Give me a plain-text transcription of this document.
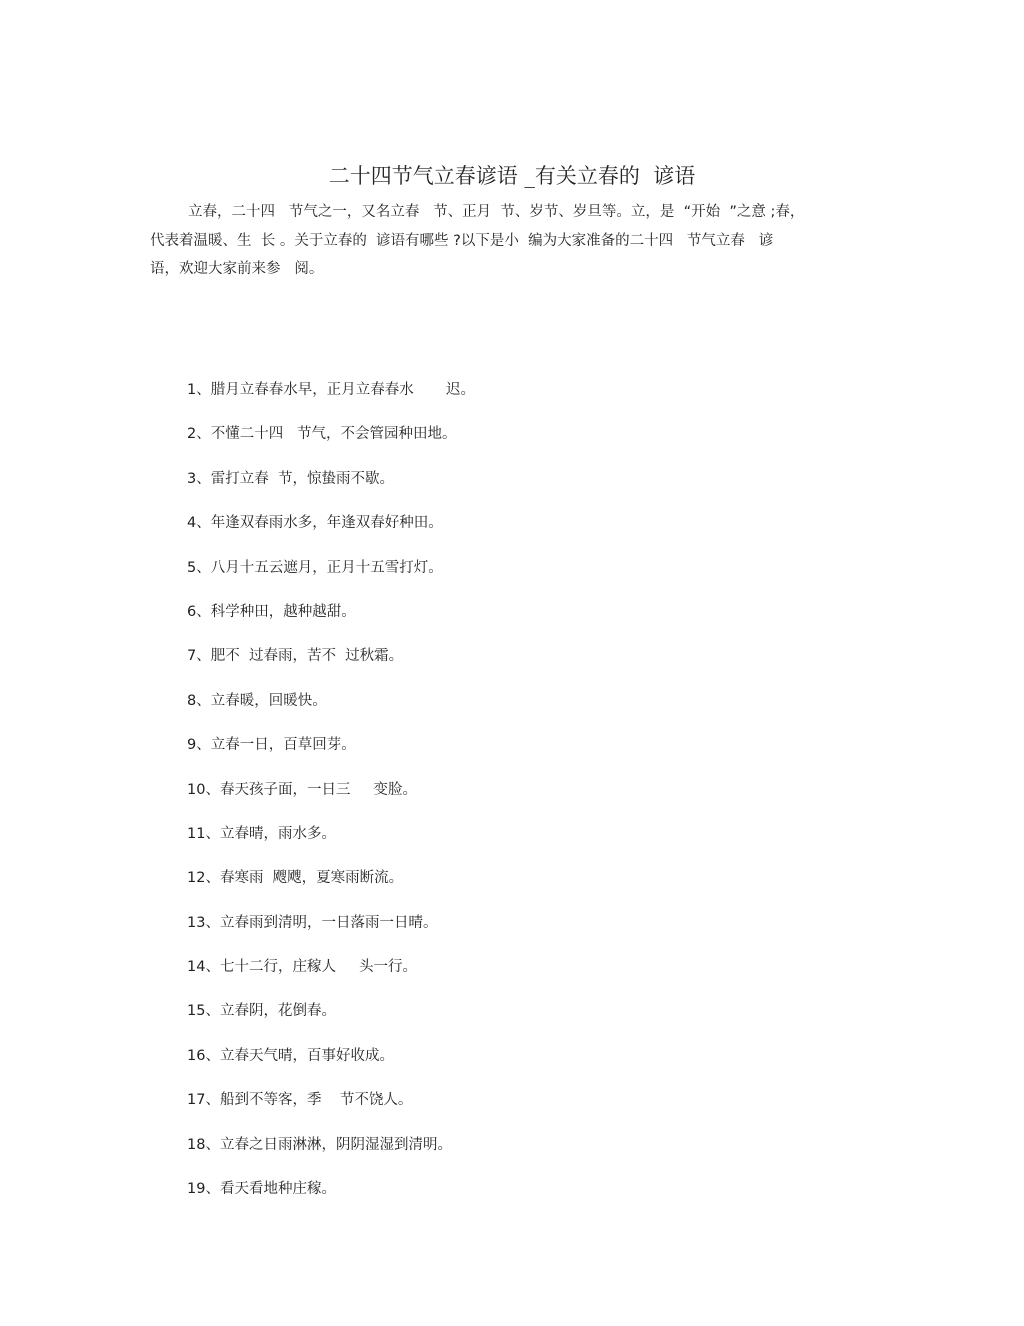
二十四节气立春谚语 _有关立春的  谚语
立春，二十四   节气之一，又名立春   节、正月  节、岁节、岁旦等。立，是  “开始  ”之意 ;春，
代表着温暖、生  长 。关于立春的  谚语有哪些 ?以下是小  编为大家准备的二十四   节气立春   谚
语，欢迎大家前来参   阅。
1、腊月立春春水早，正月立春春水       迟。
2、不懂二十四   节气，不会管园种田地。
3、雷打立春  节，惊蛰雨不歇。
4、年逢双春雨水多，年逢双春好种田。
5、八月十五云遮月，正月十五雪打灯。
6、科学种田，越种越甜。
7、肥不  过春雨，苦不  过秋霜。
8、立春暖，回暖快。
9、立春一日，百草回芽。
10、春天孩子面，一日三     变脸。
11、立春晴，雨水多。
12、春寒雨  飕飕，夏寒雨断流。
13、立春雨到清明，一日落雨一日晴。
14、七十二行，庄稼人     头一行。
15、立春阴，花倒春。
16、立春天气晴，百事好收成。
17、船到不等客，季    节不饶人。
18、立春之日雨淋淋，阴阴湿湿到清明。
19、看天看地种庄稼。
